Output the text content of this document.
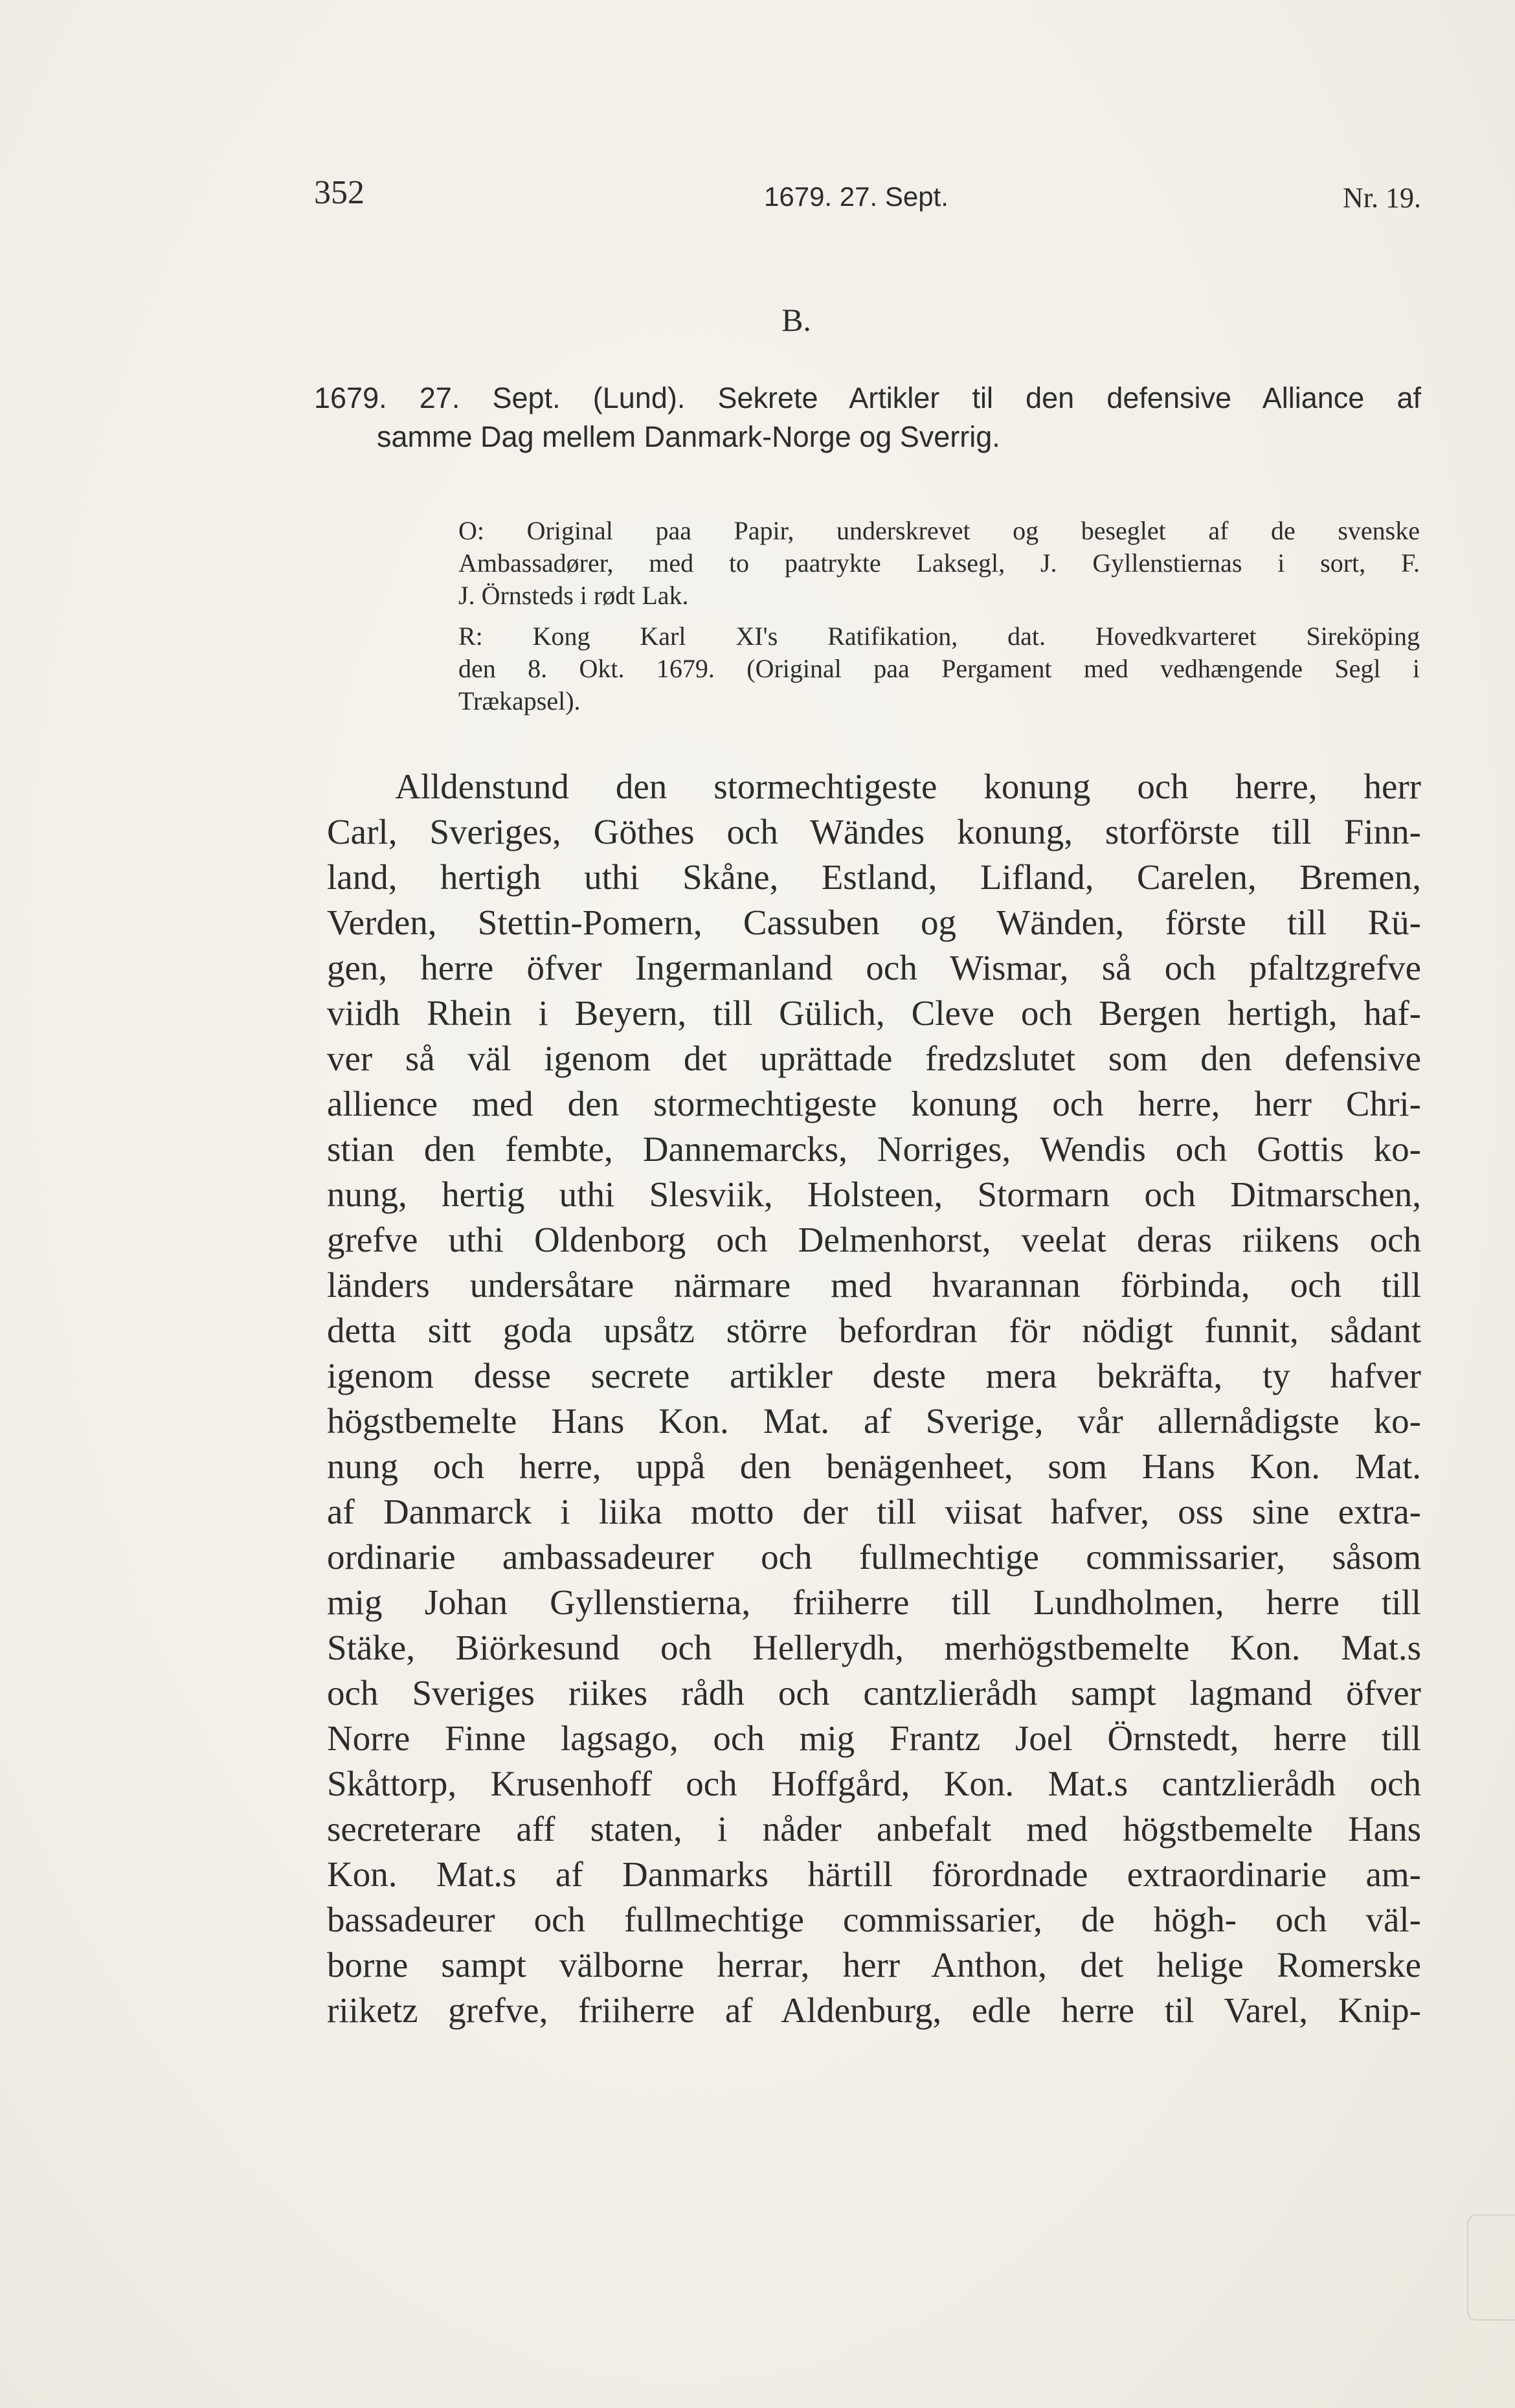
352	1679. 27. Sept.	Nr. 19.
B.
1679. 27. Sept. (Lund). Sekrete Artikler til den defensive Alliance af
samme Dag mellem Danmark-Norge og Sverrig.
O: Original paa Papir, underskrevet og beseglet af de svenske
Ambassadører, med to paatrykte Laksegl, J. Gyllenstiernas i sort, F.
J. Örnsteds i rødt Lak.
R: Kong Karl XI's Ratifikation, dat. Hovedkvarteret Sireköping
den 8. Okt. 1679. (Original paa Pergament med vedhængende Segl i
Trækapsel).
Alldenstund den stormechtigeste konung och herre, herr
Carl, Sveriges, Göthes och Wändes konung, storförste till Finn-
land, hertigh uthi Skåne, Estland, Lifland, Carelen, Bremen,
Verden, Stettin-Pomern, Cassuben og Wänden, förste till Rü-
gen, herre öfver Ingermanland och Wismar, så och pfaltzgrefve
viidh Rhein i Beyern, till Gülich, Cleve och Bergen hertigh, haf-
ver så väl igenom det uprättade fredzslutet som den defensive
allience med den stormechtigeste konung och herre, herr Chri-
stian den fembte, Dannemarcks, Norriges, Wendis och Gottis ko-
nung, hertig uthi Slesviik, Holsteen, Stormarn och Ditmarschen,
grefve uthi Oldenborg och Delmenhorst, veelat deras riikens och
länders undersåtare närmare med hvarannan förbinda, och till
detta sitt goda upsåtz större befordran för nödigt funnit, sådant
igenom desse secrete artikler deste mera bekräfta, ty hafver
högstbemelte Hans Kon. Mat. af Sverige, vår allernådigste ko-
nung och herre, uppå den benägenheet, som Hans Kon. Mat.
af Danmarck i liika motto der till viisat hafver, oss sine extra-
ordinarie ambassadeurer och fullmechtige commissarier, såsom
mig Johan Gyllenstierna, friiherre till Lundholmen, herre till
Stäke, Biörkesund och Hellerydh, merhögstbemelte Kon. Mat.s
och Sveriges riikes rådh och cantzlierådh sampt lagmand öfver
Norre Finne lagsago, och mig Frantz Joel Örnstedt, herre till
Skåttorp, Krusenhoff och Hoffgård, Kon. Mat.s cantzlierådh och
secreterare aff staten, i nåder anbefalt med högstbemelte Hans
Kon. Mat.s af Danmarks härtill förordnade extraordinarie am-
bassadeurer och fullmechtige commissarier, de högh- och väl-
borne sampt välborne herrar, herr Anthon, det helige Romerske
riiketz grefve, friiherre af Aldenburg, edle herre til Varel, Knip-
